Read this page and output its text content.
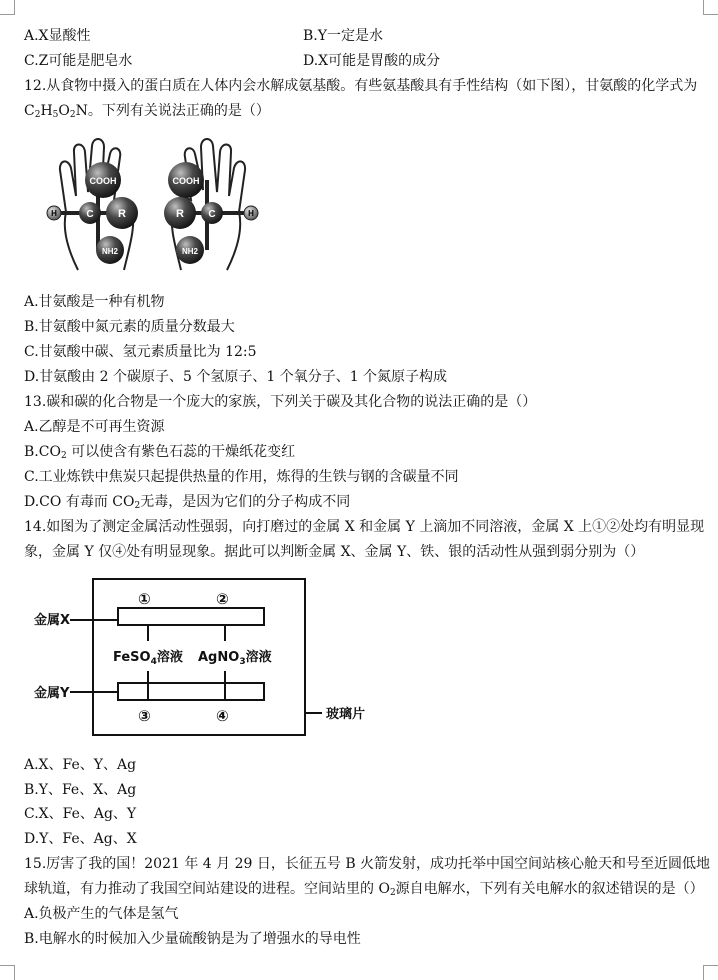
A.X显酸性	B.Y一定是水
C.Z可能是肥皂水	D.X可能是胃酸的成分
12.从食物中摄入的蛋白质在人体内会水解成氨基酸。有些氨基酸具有手性结构（如下图），甘氨酸的化学式为
$C_2H_5O_2N$。下列有关说法正确的是（）
COOH
H	C R
NH2
COOH
R C	H
NH2
A.甘氨酸是一种有机物
B.甘氨酸中氮元素的质量分数最大
C.甘氨酸中碳、氢元素质量比为 12:5
D.甘氨酸由 2 个碳原子、5 个氢原子、1 个氧分子、1 个氮原子构成
13.碳和碳的化合物是一个庞大的家族，下列关于碳及其化合物的说法正确的是（）
A.乙醇是不可再生资源
$B.CO_2$ 可以使含有紫色石蕊的干燥纸花变红
C.工业炼铁中焦炭只起提供热量的作用，炼得的生铁与钢的含碳量不同
D.CO 有毒而 $CO_2$无毒，是因为它们的分子构成不同
14.如图为了测定金属活动性强弱，向打磨过的金属 X 和金属 Y 上滴加不同溶液，金属 X 上①②处均有明显现
象，金属 Y 仅④处有明显现象。据此可以判断金属 X、金属 Y、铁、银的活动性从强到弱分别为（）
金属X
金属Y
①	②
③	④
FeSO$_4$溶液 AgNO$_3$溶液
玻璃片
A.X、Fe、Y、Ag
B.Y、Fe、X、Ag
C.X、Fe、Ag、Y
D.Y、Fe、Ag、X
15.厉害了我的国！2021 年 4 月 29 日，长征五号 B 火箭发射，成功托举中国空间站核心舱天和号至近圆低地
球轨道，有力推动了我国空间站建设的进程。空间站里的 $O_2$源自电解水，下列有关电解水的叙述错误的是（）
A.负极产生的气体是氢气
B.电解水的时候加入少量硫酸钠是为了增强水的导电性
